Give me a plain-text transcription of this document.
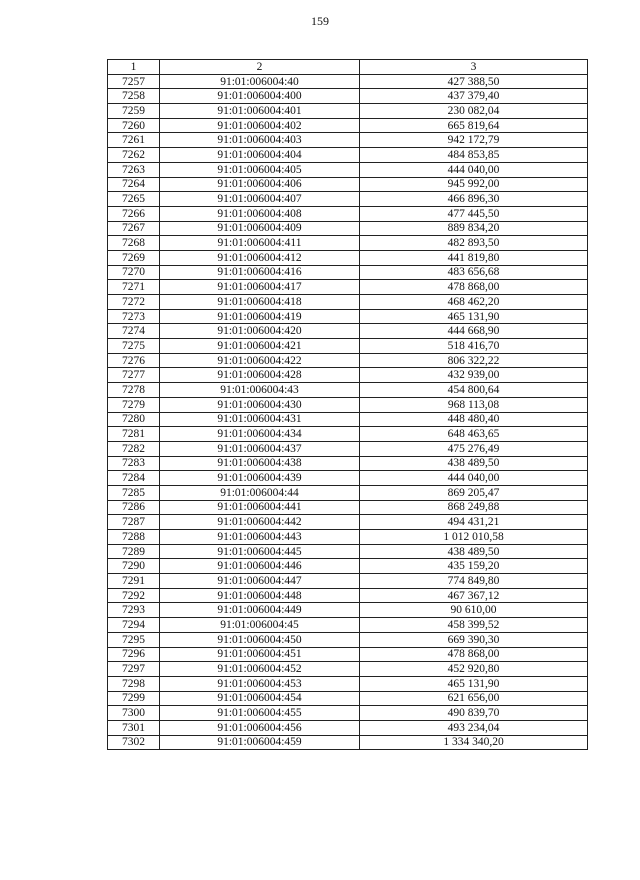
159
1	2	3
7257	91:01:006004:40	427 388,50
7258	91:01:006004:400	437 379,40
7259	91:01:006004:401	230 082,04
7260	91:01:006004:402	665 819,64
7261	91:01:006004:403	942 172,79
7262	91:01:006004:404	484 853,85
7263	91:01:006004:405	444 040,00
7264	91:01:006004:406	945 992,00
7265	91:01:006004:407	466 896,30
7266	91:01:006004:408	477 445,50
7267	91:01:006004:409	889 834,20
7268	91:01:006004:411	482 893,50
7269	91:01:006004:412	441 819,80
7270	91:01:006004:416	483 656,68
7271	91:01:006004:417	478 868,00
7272	91:01:006004:418	468 462,20
7273	91:01:006004:419	465 131,90
7274	91:01:006004:420	444 668,90
7275	91:01:006004:421	518 416,70
7276	91:01:006004:422	806 322,22
7277	91:01:006004:428	432 939,00
7278	91:01:006004:43	454 800,64
7279	91:01:006004:430	968 113,08
7280	91:01:006004:431	448 480,40
7281	91:01:006004:434	648 463,65
7282	91:01:006004:437	475 276,49
7283	91:01:006004:438	438 489,50
7284	91:01:006004:439	444 040,00
7285	91:01:006004:44	869 205,47
7286	91:01:006004:441	868 249,88
7287	91:01:006004:442	494 431,21
7288	91:01:006004:443	1 012 010,58
7289	91:01:006004:445	438 489,50
7290	91:01:006004:446	435 159,20
7291	91:01:006004:447	774 849,80
7292	91:01:006004:448	467 367,12
7293	91:01:006004:449	90 610,00
7294	91:01:006004:45	458 399,52
7295	91:01:006004:450	669 390,30
7296	91:01:006004:451	478 868,00
7297	91:01:006004:452	452 920,80
7298	91:01:006004:453	465 131,90
7299	91:01:006004:454	621 656,00
7300	91:01:006004:455	490 839,70
7301	91:01:006004:456	493 234,04
7302	91:01:006004:459	1 334 340,20
